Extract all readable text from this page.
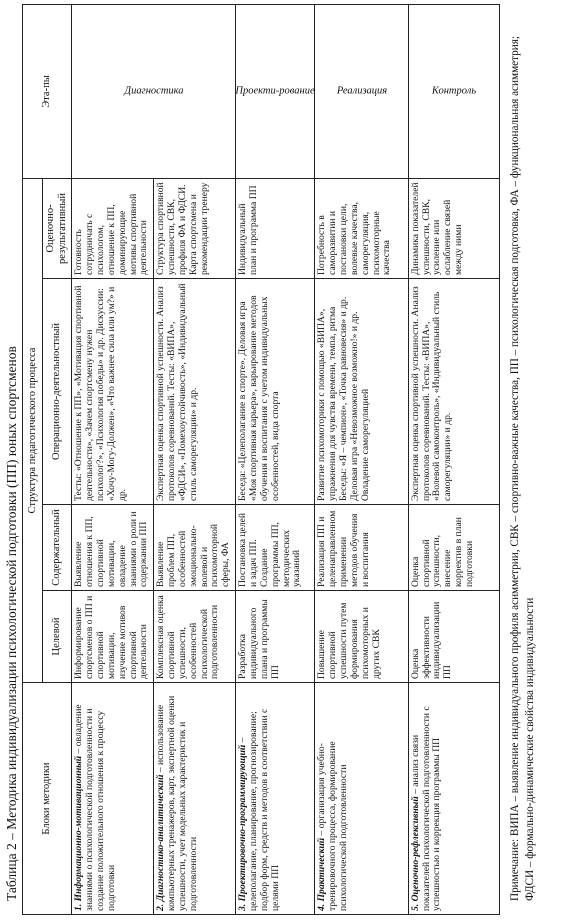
Таблица 2 – Методика индивидуализации психологической подготовки (ПП) юных спортсменов Блоки методики	Структура педагогического процесса				Эта-пы
	Целевой	Содержательный	Операционно-деятельностный	Оценочно-результативный	
1. Информационно-мотивационный – овладение знаниями о психологической подготовленности и создание положительного отношения к процессу подготовки	Информирование спортсменов о ПП и спортивной мотивации, изучение мотивов спортивной деятельности	Выявление отношения к ПП, спортивной мотивации, овладение знаниями о роли и содержании ПП	Тесты: «Отношение к ПП», «Мотивация спортивной деятельности», «Зачем спортсмену нужен психолог?», «Психология победы» и др. Дискуссии: «Хочу-Могу-Должен», «Что важнее сила или ум?» и др.	Готовность сотрудничать с психологом, отношение к ПП, доминирующие мотивы спортивной деятельности	Диагностика

2. Диагностико-аналитический – использование компьютерных тренажеров, карт, экспертной оценки успешности, учет модельных характеристик и подготовленности	Комплексная оценка спортивной успешности, особенностей психологической подготовленности	Выявление проблем ПП, особенностей эмоционально-волевой и психомоторной сферы, ФА	Экспертная оценка спортивной успешности. Анализ протоколов соревнований. Тесты: «ВИПА», «ФДСИ», «Помехоустойчивость», «Индивидуальный стиль саморегуляции» и др.	Структура спортивной успешности, СВК, профиля ФА и ФДСИ. Карта спортсмена и рекомендации тренеру	
3. Проектировочно-программирующий – целеполагание, планирование, прогнозирование; подбор форм, средств и методов в соответствии с целями ПП	Разработка индивидуального плана и программы ПП	Постановка целей и задач ПП. Создание программы ПП, методических указаний	Беседа: «Целеполагание в спорте». Деловая игра «Моя спортивная карьера», варьирование методов обучения и воспитания с учетом индивидуальных особенностей, вида спорта	Индивидуальный план и программа ПП	Проекти-рование

4. Практический – организация учебно-тренировочного процесса, формирование психологической подготовленности	Повышение спортивной успешности путем формирования психомоторных и других СВК	Реализация ПП и целенаправленном применении методов обучения и воспитания	Развитие психомоторики с помощью «ВИПА», упражнения для чувства времени, темпа, ритма Беседы: «Я – чемпион», «Точка равновесия» и др. Деловая игра «Невозможное возможно!» и др. Овладение саморегуляцией	Потребность в саморазвитии и постановки цели, волевые качества, саморегуляция, психомоторные качества	Реализация

5. Оценочно-рефлексивный – анализ связи показателей психологической подготовленности с успешностью и коррекция программы ПП	Оценка эффективности индивидуализации ПП	Оценка спортивной успешности, внесение корректив в план подготовки	Экспертная оценка спортивной успешности. Анализ протоколов соревнований. Тесты: «ВИПА», «Волевой самоконтроль», «Индивидуальный стиль саморегуляции» и др.	Динамика показателей успешности, СВК, усиление или ослабление связей между ними	Контроль	Примечание: ВИПА – выявление индивидуального профиля асимметрии, СВК – спортивно-важные качества, ПП – психологическая подготовка, ФА – функциональная асимметрия; ФДСИ – формально-динамические свойства индивидуальности
